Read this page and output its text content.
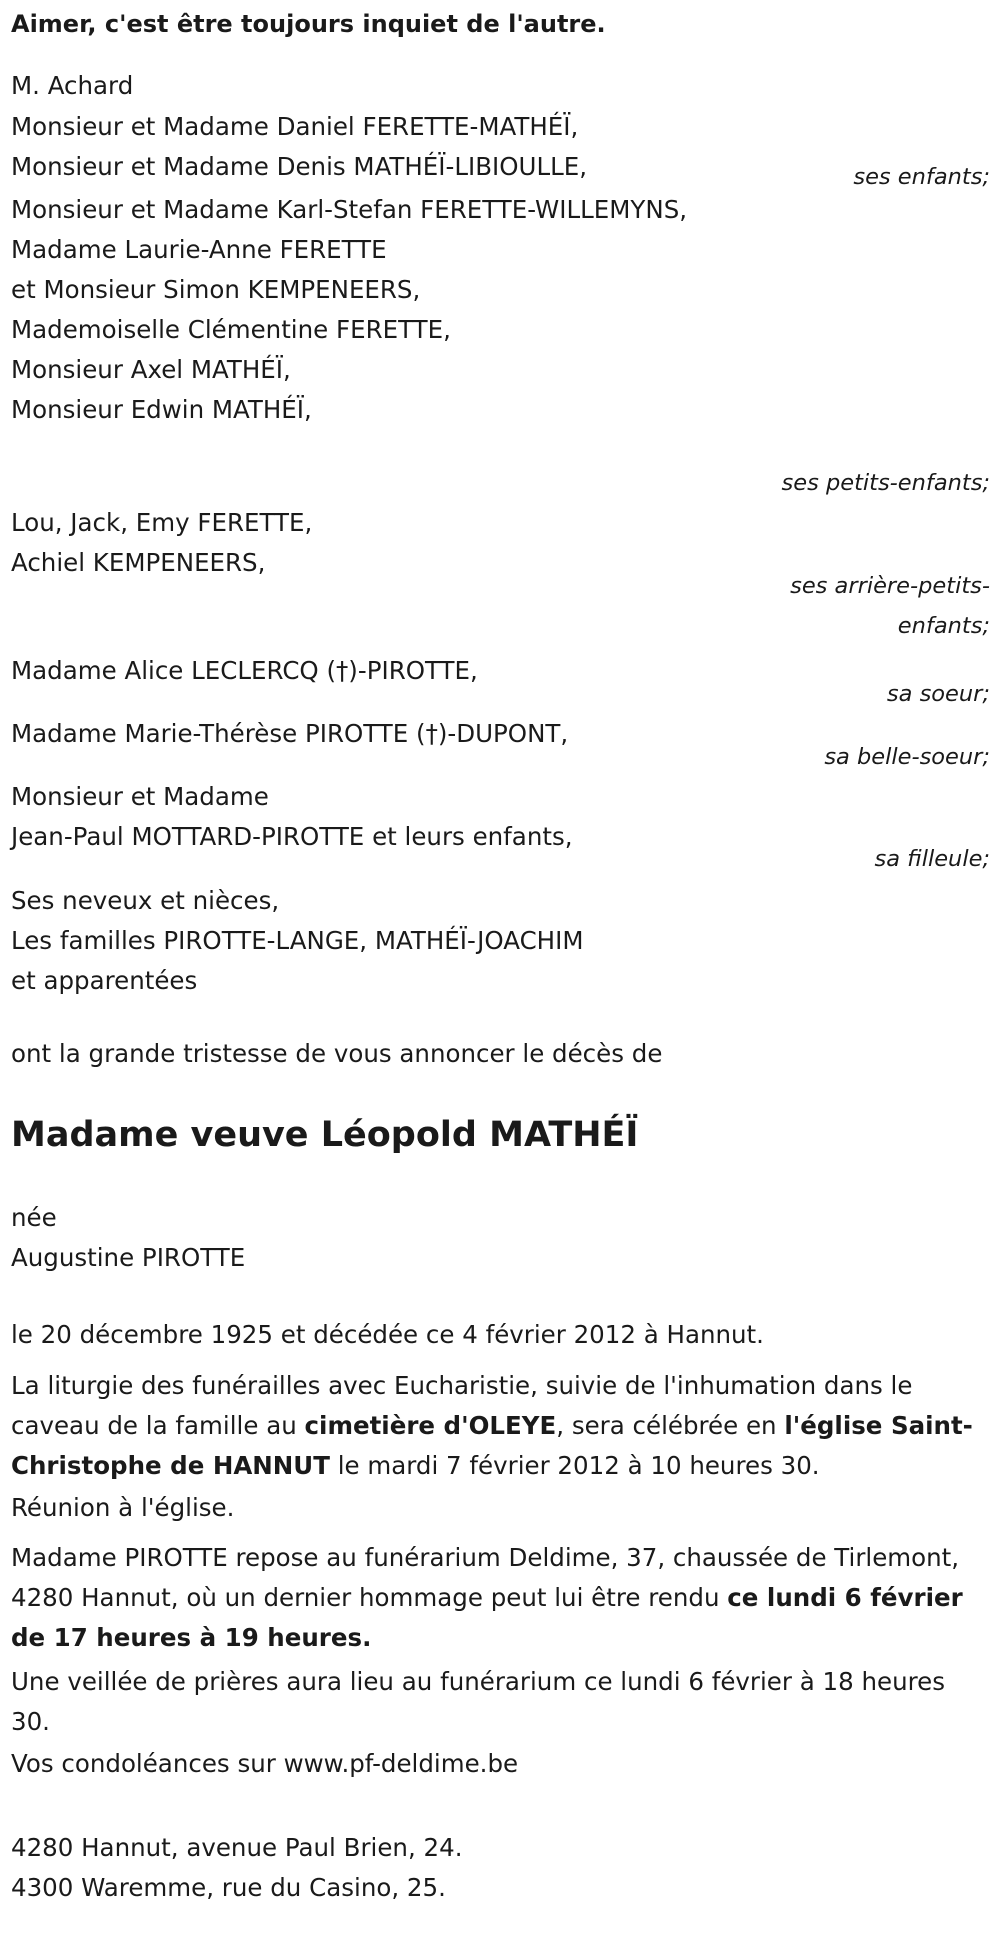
Aimer, c'est être toujours inquiet de l'autre.
M. Achard
Monsieur et Madame Daniel FERETTE-MATHÉÏ,
Monsieur et Madame Denis MATHÉÏ-LIBIOULLE,	ses enfants;
Monsieur et Madame Karl-Stefan FERETTE-WILLEMYNS,
Madame Laurie-Anne FERETTE
et Monsieur Simon KEMPENEERS,
Mademoiselle Clémentine FERETTE,
Monsieur Axel MATHÉÏ,
Monsieur Edwin MATHÉÏ,
ses petits-enfants;
Lou, Jack, Emy FERETTE,
Achiel KEMPENEERS,
ses arrière-petits-
enfants;
Madame Alice LECLERCQ (†)-PIROTTE,
sa soeur;
Madame Marie-Thérèse PIROTTE (†)-DUPONT,
sa belle-soeur;
Monsieur et Madame
Jean-Paul MOTTARD-PIROTTE et leurs enfants,
sa filleule;
Ses neveux et nièces,
Les familles PIROTTE-LANGE, MATHÉÏ-JOACHIM
et apparentées
ont la grande tristesse de vous annoncer le décès de
Madame veuve Léopold MATHÉÏ
née
Augustine PIROTTE
le 20 décembre 1925 et décédée ce 4 février 2012 à Hannut.
La liturgie des funérailles avec Eucharistie, suivie de l'inhumation dans le caveau de la famille au cimetière d'OLEYE, sera célébrée en l'église Saint-Christophe de HANNUT le mardi 7 février 2012 à 10 heures 30.
Réunion à l'église.
Madame PIROTTE repose au funérarium Deldime, 37, chaussée de Tirlemont, 4280 Hannut, où un dernier hommage peut lui être rendu ce lundi 6 février de 17 heures à 19 heures.
Une veillée de prières aura lieu au funérarium ce lundi 6 février à 18 heures 30.
Vos condoléances sur www.pf-deldime.be
4280 Hannut, avenue Paul Brien, 24.
4300 Waremme, rue du Casino, 25.
